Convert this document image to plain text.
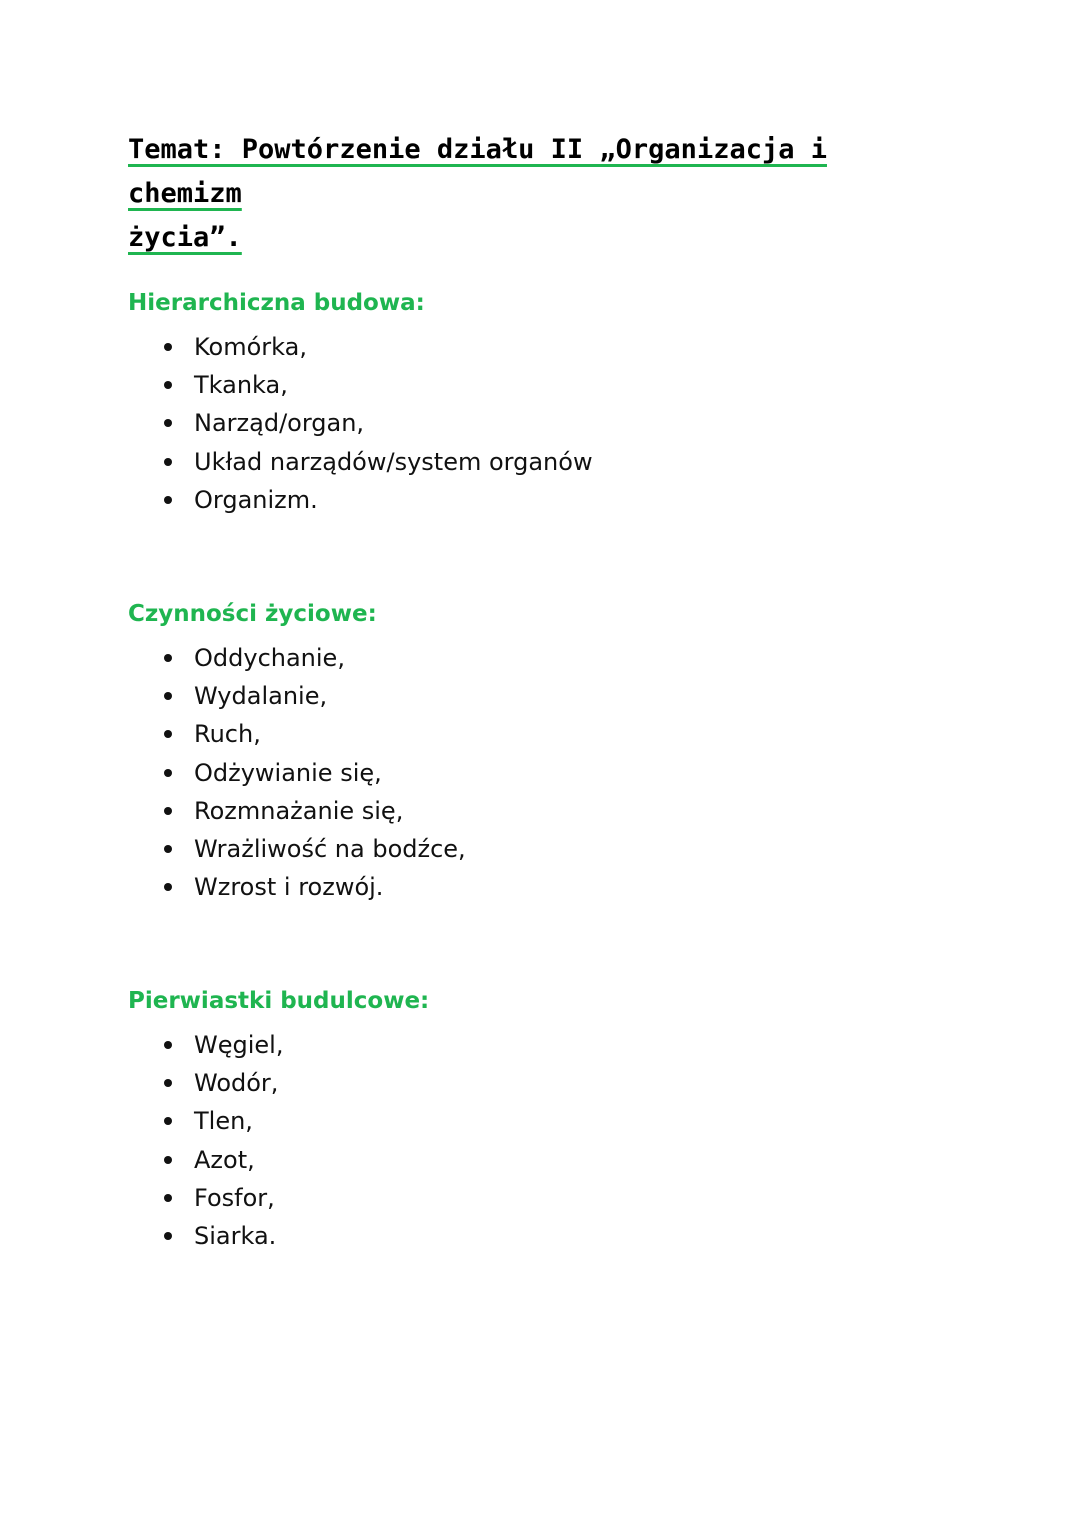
Temat: Powtórzenie działu II „Organizacja i chemizm
życia”.
Hierarchiczna budowa:
Komórka,
Tkanka,
Narząd/organ,
Układ narządów/system organów
Organizm.
Czynności życiowe:
Oddychanie,
Wydalanie,
Ruch,
Odżywianie się,
Rozmnażanie się,
Wrażliwość na bodźce,
Wzrost i rozwój.
Pierwiastki budulcowe:
Węgiel,
Wodór,
Tlen,
Azot,
Fosfor,
Siarka.
